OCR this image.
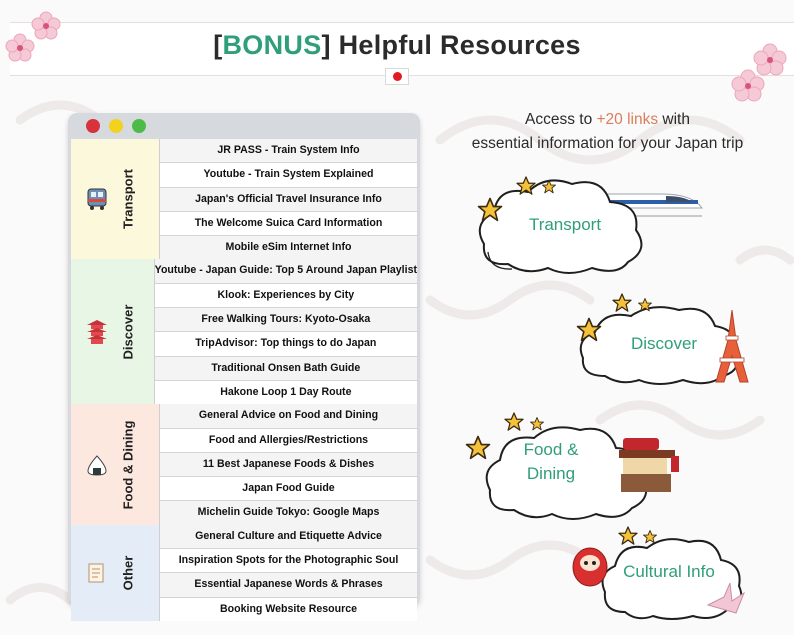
[BONUS] Helpful Resources
Transport
JR PASS - Train System Info
Youtube - Train System Explained
Japan's Official Travel Insurance Info
The Welcome Suica Card Information
Mobile eSim Internet Info
Discover
Youtube - Japan Guide: Top 5 Around Japan Playlist
Klook: Experiences by City
Free Walking Tours: Kyoto-Osaka
TripAdvisor: Top things to do Japan
Traditional Onsen Bath Guide
Hakone Loop 1 Day Route
Food & Dining
General Advice on Food and Dining
Food and Allergies/Restrictions
11 Best Japanese Foods & Dishes
Japan Food Guide
Michelin Guide Tokyo: Google Maps
Other
General Culture and Etiquette Advice
Inspiration Spots for the Photographic Soul
Essential Japanese Words & Phrases
Booking Website Resource
Access to +20 links with
essential information for your Japan trip
Transport
Discover
Food &
Dining
Cultural Info
